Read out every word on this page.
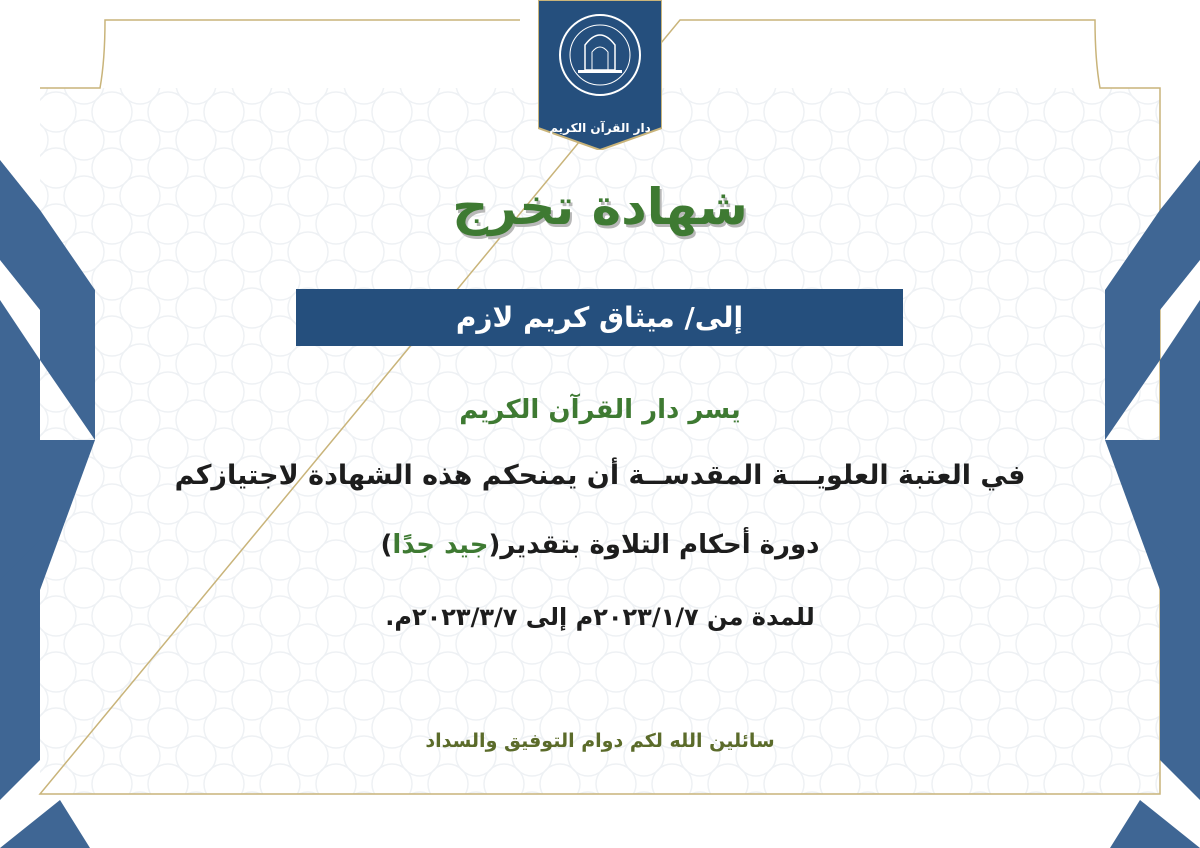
دار القرآن الكريم
شهادة تخرج
إلى/ ميثاق كريم لازم
يسر دار القرآن الكريم
في العتبة العلويـــة المقدســة أن يمنحكم هذه الشهادة لاجتيازكم
دورة أحكام التلاوة بتقدير(جيد جدًا)
للمدة من ٢٠٢٣/١/٧م إلى ٢٠٢٣/٣/٧م.
سائلين الله لكم دوام التوفيق والسداد
